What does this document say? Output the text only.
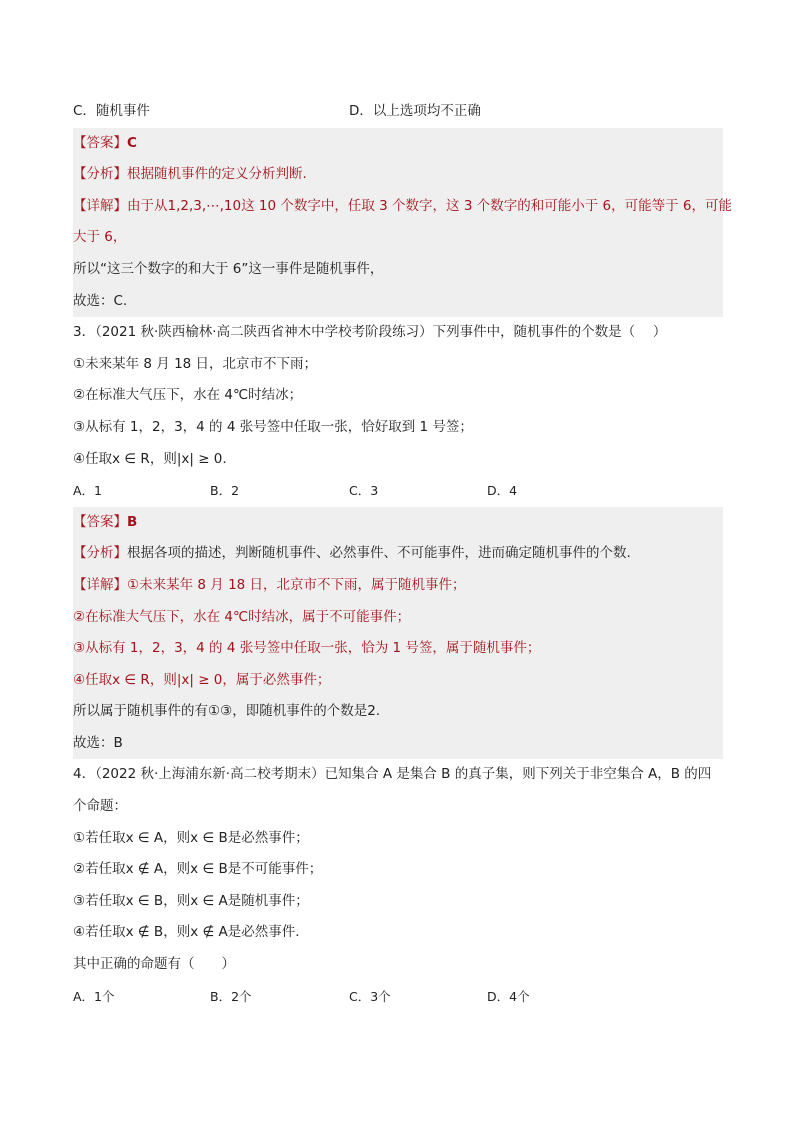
C．随机事件	D．以上选项均不正确
【答案】C
【分析】根据随机事件的定义分析判断.
【详解】由于从1,2,3,⋯,10这 10 个数字中，任取 3 个数字，这 3 个数字的和可能小于 6，可能等于 6，可能
大于 6，
所以“这三个数字的和大于 6”这一事件是随机事件，
故选：C.
3．（2021 秋·陕西榆林·高二陕西省神木中学校考阶段练习）下列事件中，随机事件的个数是（　 ）
①未来某年 8 月 18 日，北京市不下雨；
②在标准大气压下，水在 4℃时结冰；
③从标有 1，2，3，4 的 4 张号签中任取一张，恰好取到 1 号签；
④任取x ∈ R，则|x| ≥ 0.
A．1	B．2	C．3	D．4
【答案】B
【分析】根据各项的描述，判断随机事件、必然事件、不可能事件，进而确定随机事件的个数.
【详解】①未来某年 8 月 18 日，北京市不下雨，属于随机事件；
②在标准大气压下，水在 4℃时结冰，属于不可能事件；
③从标有 1，2，3，4 的 4 张号签中任取一张，恰为 1 号签，属于随机事件；
④任取x ∈ R，则|x| ≥ 0，属于必然事件；
所以属于随机事件的有①③，即随机事件的个数是2.
故选：B
4．（2022 秋·上海浦东新·高二校考期末）已知集合 A 是集合 B 的真子集，则下列关于非空集合 A，B 的四
个命题：
①若任取x ∈ A，则x ∈ B是必然事件；
②若任取x ∉ A，则x ∈ B是不可能事件；
③若任取x ∈ B，则x ∈ A是随机事件；
④若任取x ∉ B，则x ∉ A是必然事件.
其中正确的命题有（　　）
A．1个	B．2个	C．3个	D．4个
